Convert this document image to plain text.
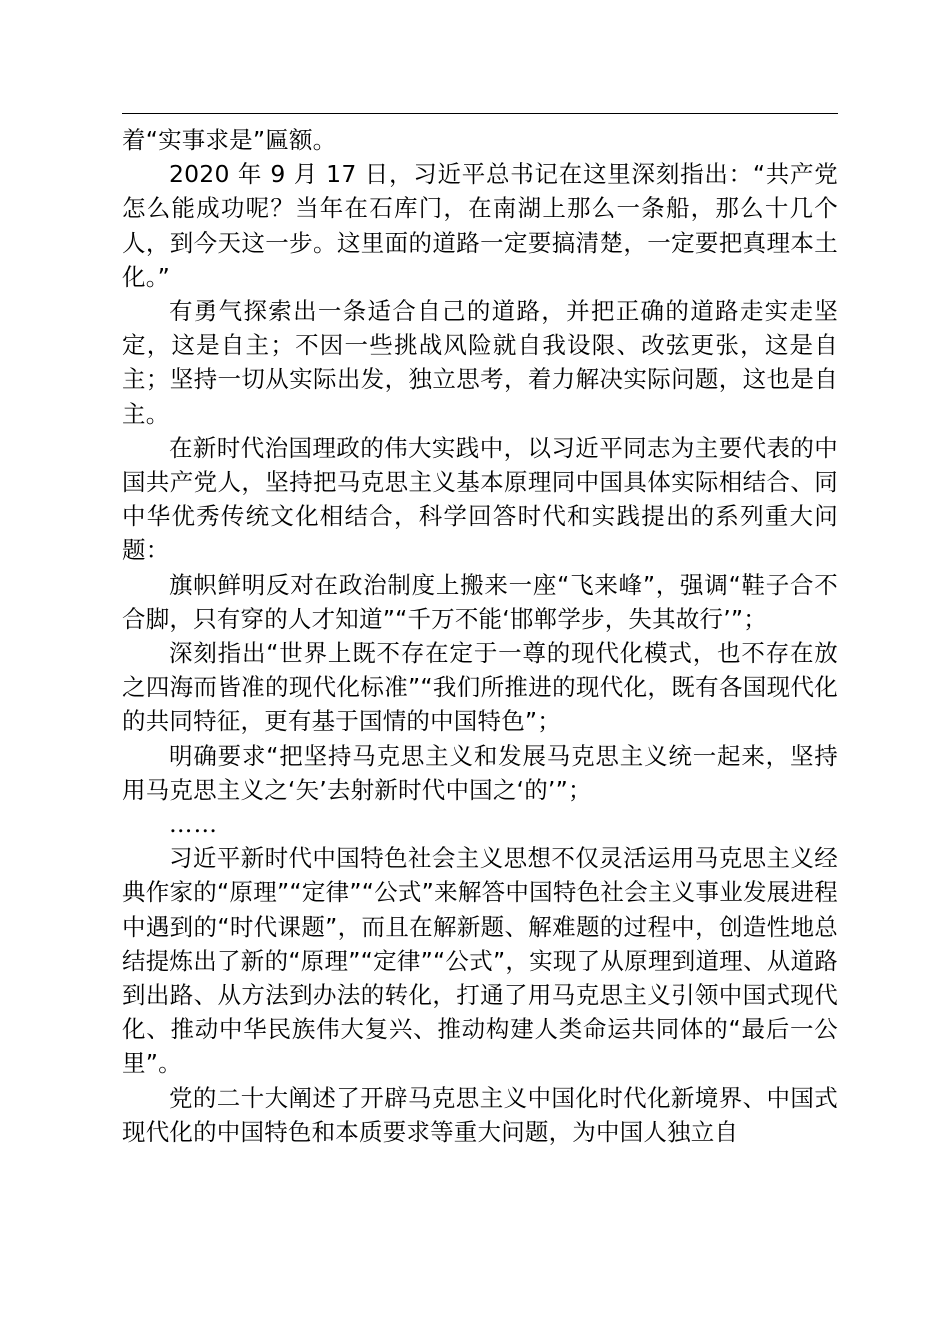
着“实事求是”匾额。

2020 年 9 月 17 日，习近平总书记在这里深刻指出：“共产党怎么能成功呢？当年在石库门，在南湖上那么一条船，那么十几个人，到今天这一步。这里面的道路一定要搞清楚，一定要把真理本土化。”

有勇气探索出一条适合自己的道路，并把正确的道路走实走坚定，这是自主；不因一些挑战风险就自我设限、改弦更张，这是自主；坚持一切从实际出发，独立思考，着力解决实际问题，这也是自主。

在新时代治国理政的伟大实践中，以习近平同志为主要代表的中国共产党人，坚持把马克思主义基本原理同中国具体实际相结合、同中华优秀传统文化相结合，科学回答时代和实践提出的系列重大问题：

旗帜鲜明反对在政治制度上搬来一座“飞来峰”，强调“鞋子合不合脚，只有穿的人才知道”“千万不能‘邯郸学步，失其故行’”；

深刻指出“世界上既不存在定于一尊的现代化模式，也不存在放之四海而皆准的现代化标准”“我们所推进的现代化，既有各国现代化的共同特征，更有基于国情的中国特色”；

明确要求“把坚持马克思主义和发展马克思主义统一起来，坚持用马克思主义之‘矢’去射新时代中国之‘的’”；

……

习近平新时代中国特色社会主义思想不仅灵活运用马克思主义经典作家的“原理”“定律”“公式”来解答中国特色社会主义事业发展进程中遇到的“时代课题”，而且在解新题、解难题的过程中，创造性地总结提炼出了新的“原理”“定律”“公式”，实现了从原理到道理、从道路到出路、从方法到办法的转化，打通了用马克思主义引领中国式现代化、推动中华民族伟大复兴、推动构建人类命运共同体的“最后一公里”。

党的二十大阐述了开辟马克思主义中国化时代化新境界、中国式现代化的中国特色和本质要求等重大问题，为中国人独立自
